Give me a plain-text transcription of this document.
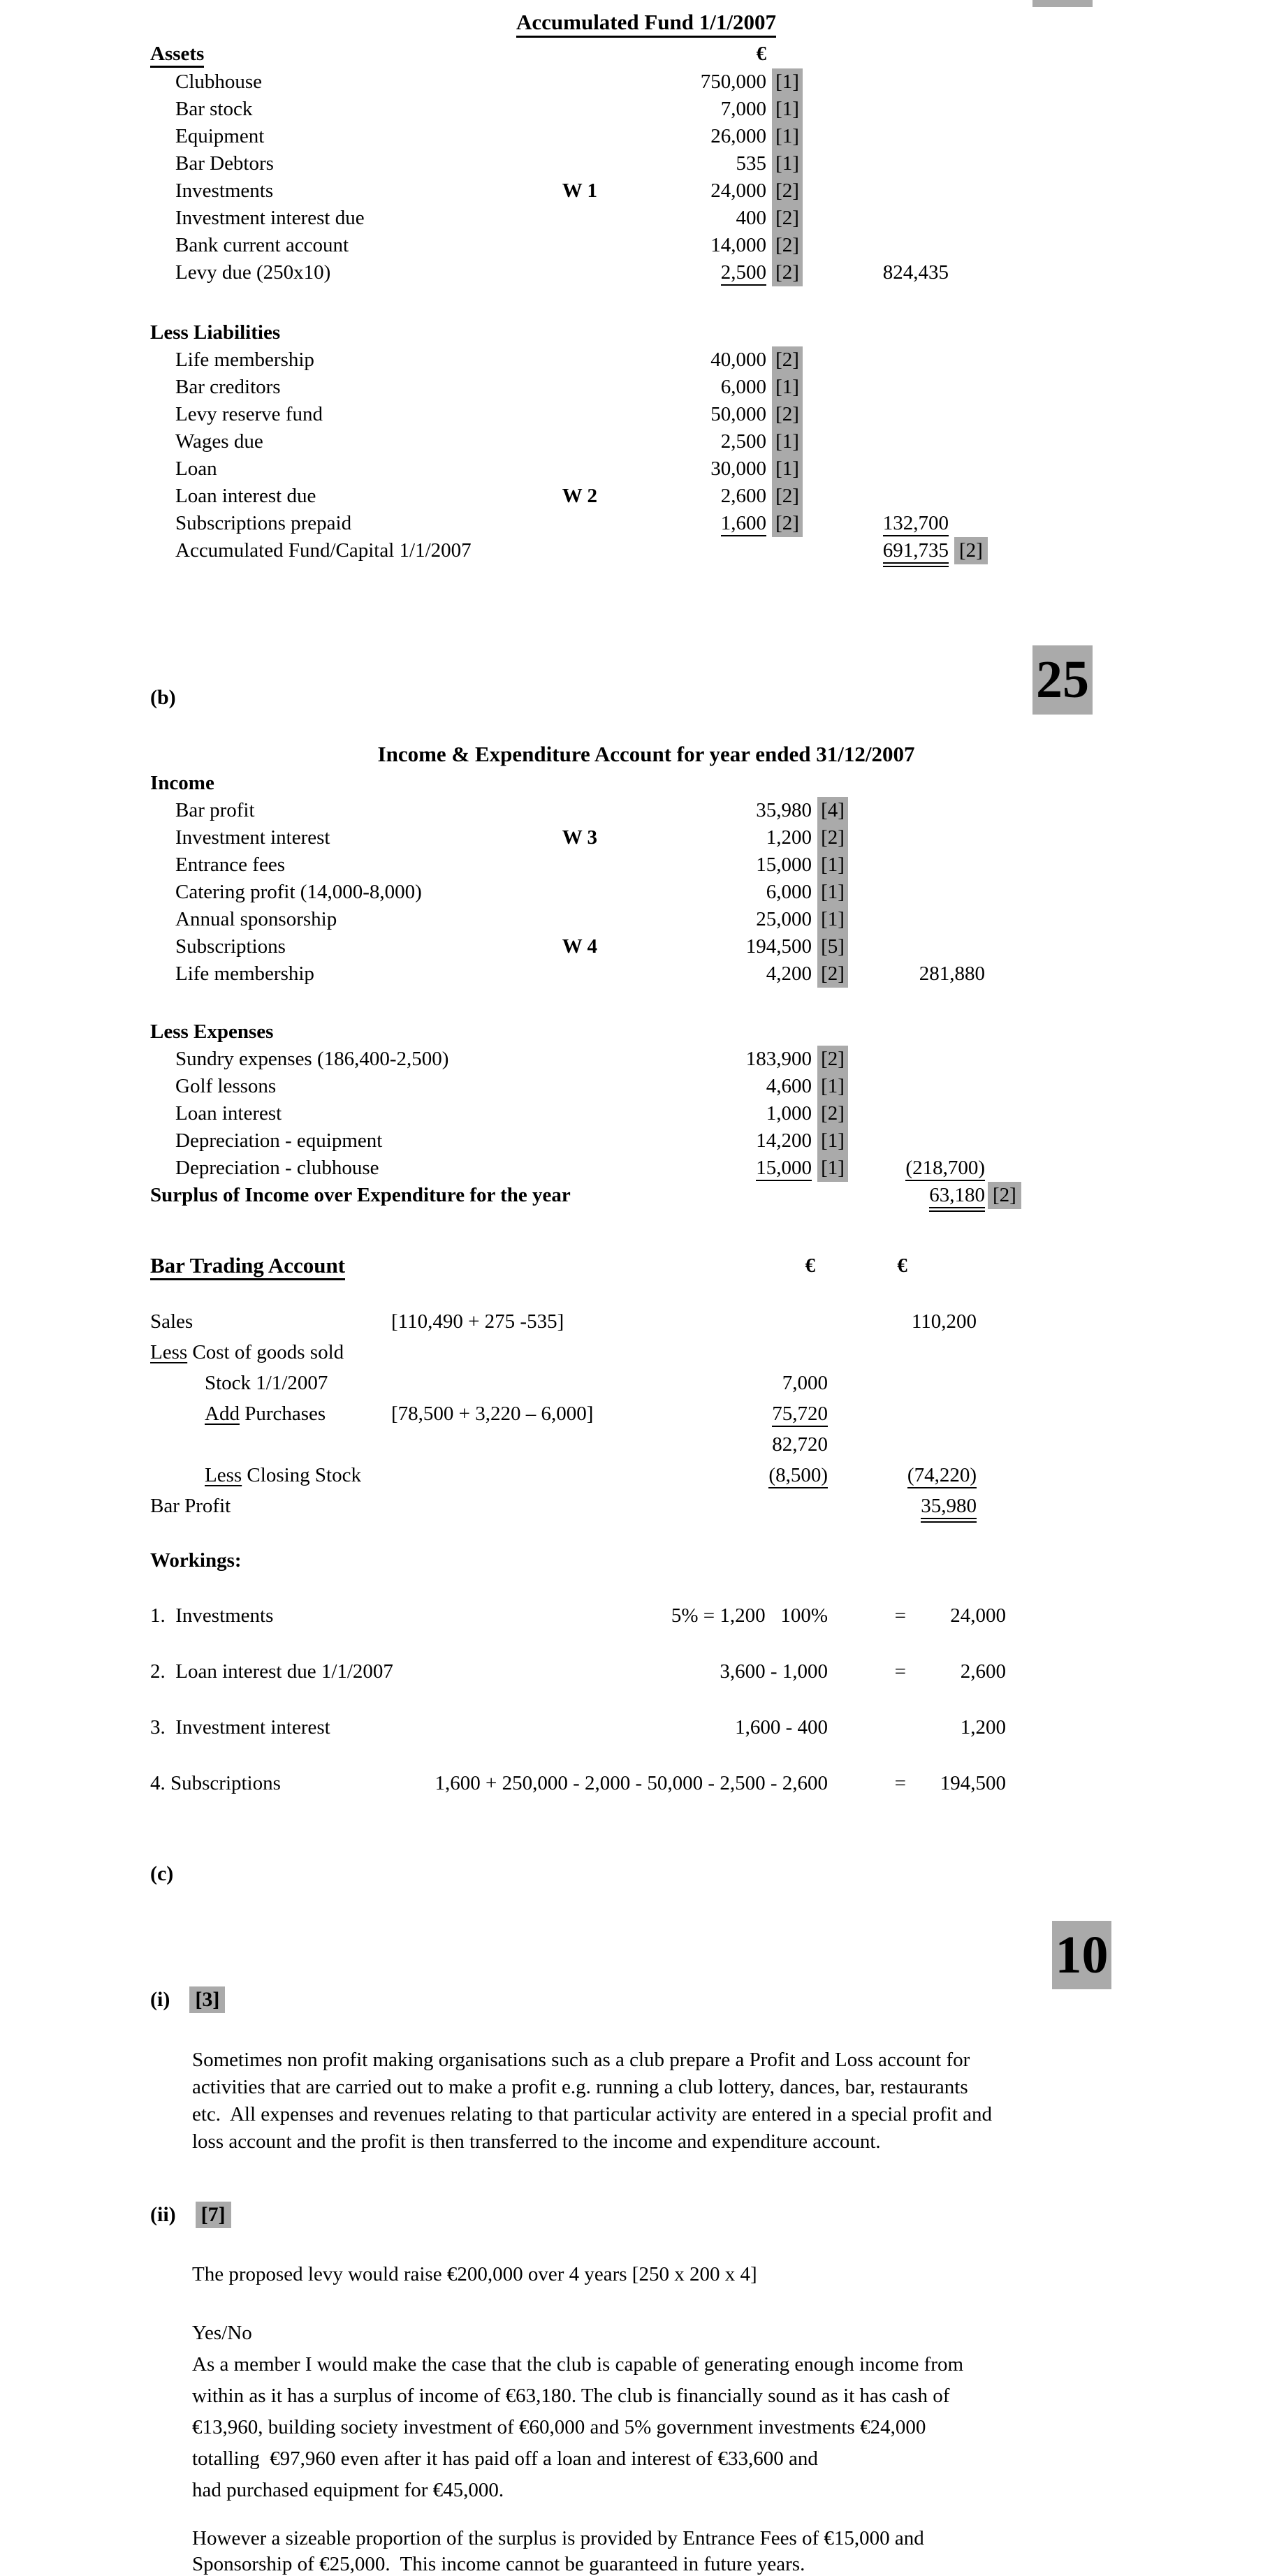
Accumulated Fund 1/1/2007
Assets	€
Clubhouse	750,000 [1]
Bar stock	7,000 [1]
Equipment	26,000 [1]
Bar Debtors	535 [1]
Investments	W 1	24,000 [2]
Investment interest due	400 [2]
Bank current account	14,000 [2]
Levy due (250x10)	2,500 [2]	824,435
Less Liabilities
Life membership	40,000 [2]
Bar creditors	6,000 [1]
Levy reserve fund	50,000 [2]
Wages due	2,500 [1]
Loan	30,000 [1]
Loan interest due	W 2	2,600 [2]
Subscriptions prepaid	1,600 [2]	132,700
Accumulated Fund/Capital 1/1/2007	691,735 [2]
(b)	25
Income & Expenditure Account for year ended 31/12/2007
Income
Bar profit	35,980 [4]
Investment interest	W 3	1,200 [2]
Entrance fees	15,000 [1]
Catering profit (14,000-8,000)	6,000 [1]
Annual sponsorship	25,000 [1]
Subscriptions	W 4	194,500 [5]
Life membership	4,200 [2]	281,880
Less Expenses
Sundry expenses (186,400-2,500)	183,900 [2]
Golf lessons	4,600 [1]
Loan interest	1,000 [2]
Depreciation - equipment	14,200 [1]
Depreciation - clubhouse	15,000 [1]	(218,700)
Surplus of Income over Expenditure for the year	63,180 [2]
Bar Trading Account	€	€
Sales	[110,490 + 275 -535]	110,200
Less Cost of goods sold
Stock 1/1/2007	7,000
Add Purchases	[78,500 + 3,220 – 6,000]	75,720
82,720
Less Closing Stock	(8,500)	(74,220)
Bar Profit	35,980
Workings:
1.  Investments	5% = 1,200   100%	=	24,000
2.  Loan interest due 1/1/2007	3,600 - 1,000	=	2,600
3.  Investment interest	1,600 - 400	1,200
4. Subscriptions	1,600 + 250,000 - 2,000 - 50,000 - 2,500 - 2,600	=	194,500
(c)
10
(i) [3]
Sometimes non profit making organisations such as a club prepare a Profit and Loss account for
activities that are carried out to make a profit e.g. running a club lottery, dances, bar, restaurants
etc.  All expenses and revenues relating to that particular activity are entered in a special profit and
loss account and the profit is then transferred to the income and expenditure account.
(ii) [7]
The proposed levy would raise €200,000 over 4 years [250 x 200 x 4]
Yes/No
As a member I would make the case that the club is capable of generating enough income from
within as it has a surplus of income of €63,180. The club is financially sound as it has cash of
€13,960, building society investment of €60,000 and 5% government investments €24,000
totalling  €97,960 even after it has paid off a loan and interest of €33,600 and
had purchased equipment for €45,000.
However a sizeable proportion of the surplus is provided by Entrance Fees of €15,000 and
Sponsorship of €25,000.  This income cannot be guaranteed in future years.
